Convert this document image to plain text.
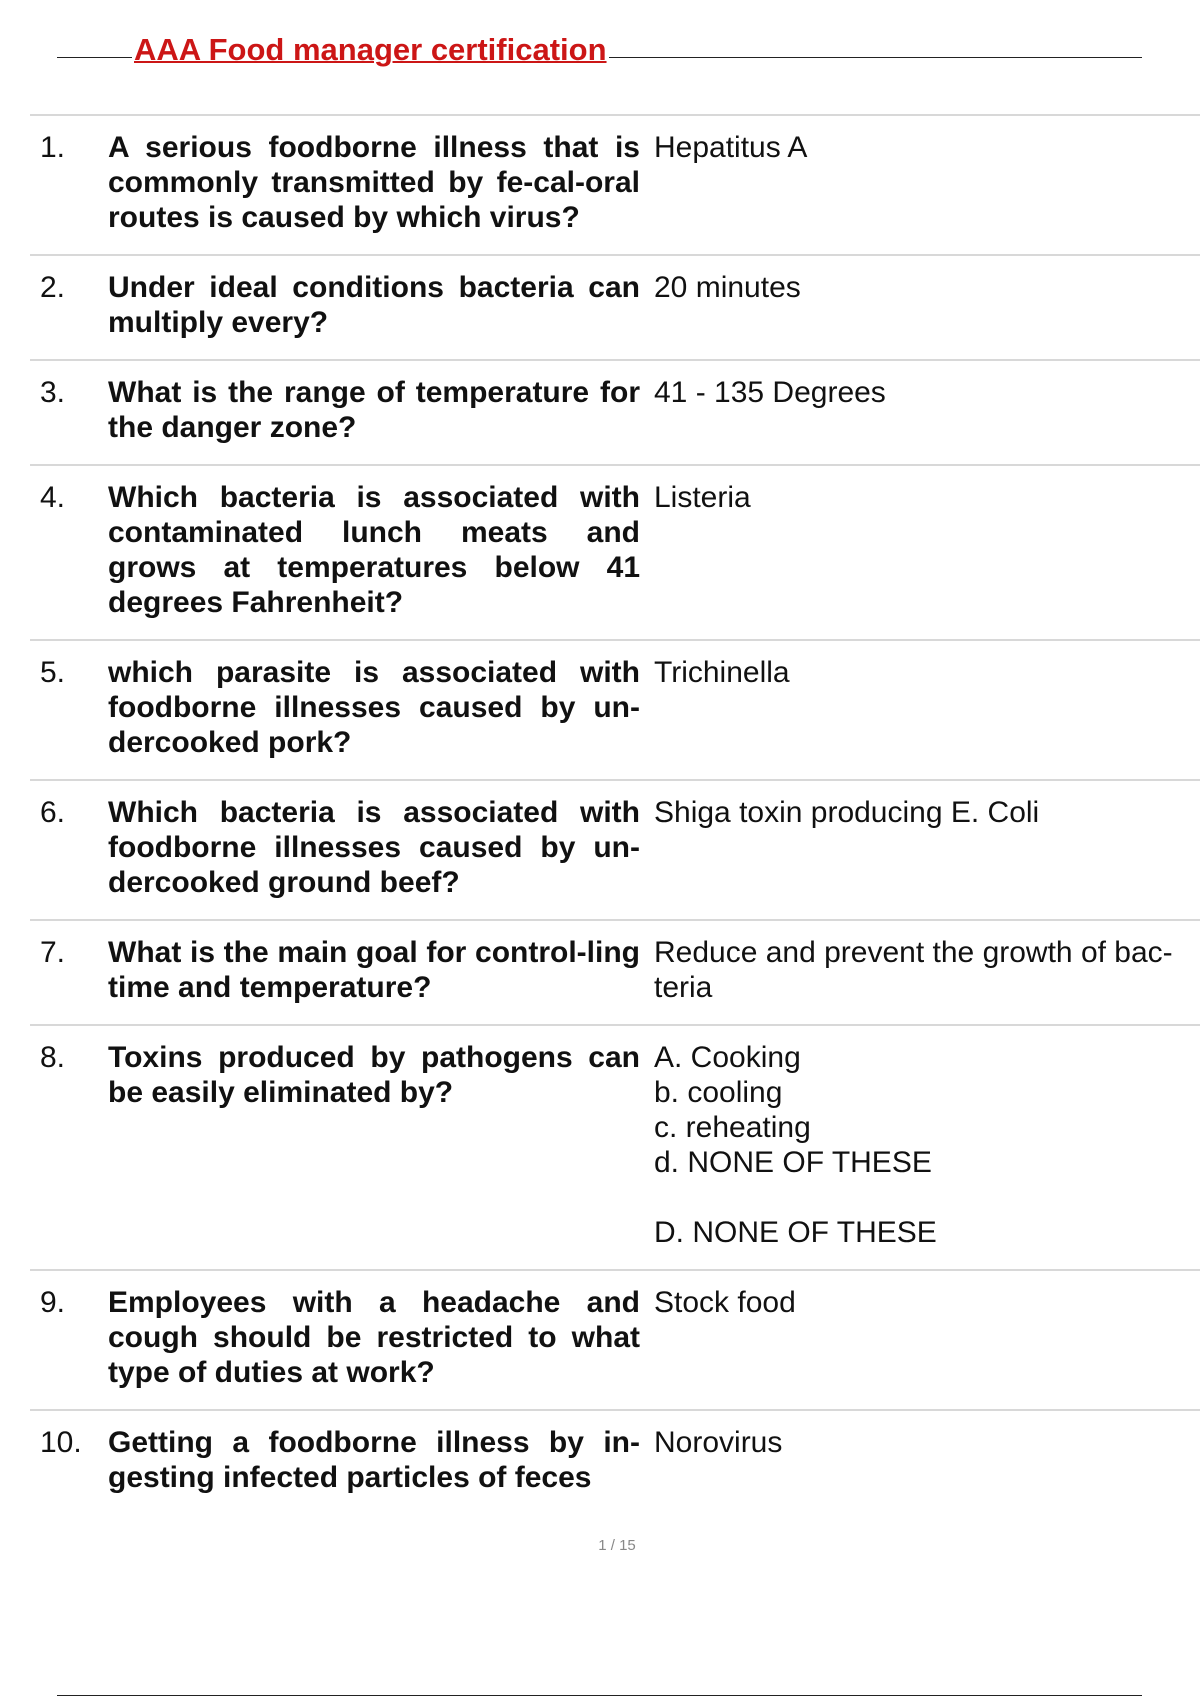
AAA Food manager certification
1.	A serious foodborne illness that is commonly transmitted by fe-cal-oral routes is caused by which virus?	Hepatitus A
2.	Under ideal conditions bacteria can multiply every?	20 minutes
3.	What is the range of temperature for the danger zone?	41 - 135 Degrees
4.	Which bacteria is associated with contaminated lunch meats and grows at temperatures below 41 degrees Fahrenheit?	Listeria
5.	which parasite is associated with foodborne illnesses caused by un-dercooked pork?	Trichinella
6.	Which bacteria is associated with foodborne illnesses caused by un-dercooked ground beef?	Shiga toxin producing E. Coli
7.	What is the main goal for control-ling time and temperature?	Reduce and prevent the growth of bac-teria
8.	Toxins produced by pathogens can be easily eliminated by?	A. Cooking
b. cooling
c. reheating
d. NONE OF THESE

D. NONE OF THESE
9.	Employees with a headache and cough should be restricted to what type of duties at work?	Stock food
10.	Getting a foodborne illness by in-gesting infected particles of feces	Norovirus
1 / 15
